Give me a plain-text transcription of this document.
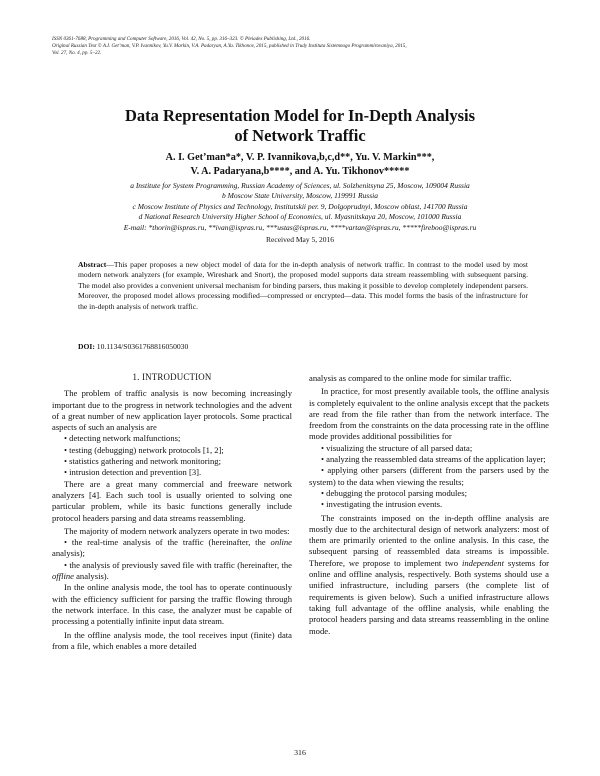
ISSN 0361-7688, Programming and Computer Software, 2016, Vol. 42, No. 5, pp. 316–323. © Pleiades Publishing, Ltd., 2016.
Original Russian Text © A.I. Get’man, V.P. Ivannikov, Yu.V. Markin, V.A. Padaryan, A.Yu. Tikhonov, 2015, published in Trudy Instituta Sistemnogo Programmirovaniya, 2015,
Vol. 27, No. 4, pp. 5–22.
Data Representation Model for In-Depth Analysis
of Network Traffic
A. I. Get’man*a*, V. P. Ivannikova,b,c,d**, Yu. V. Markin***,
V. A. Padaryana,b****, and A. Yu. Tikhonov*****
a Institute for System Programming, Russian Academy of Sciences, ul. Solzhenitsyna 25, Moscow, 109004 Russia
b Moscow State University, Moscow, 119991 Russia
c Moscow Institute of Physics and Technology, Institutskii per. 9, Dolgoprudnyi, Moscow oblast, 141700 Russia
d National Research University Higher School of Economics, ul. Myasnitskaya 20, Moscow, 101000 Russia
E-mail: *thorin@ispras.ru, **ivan@ispras.ru, ***ustas@ispras.ru, ****vartan@ispras.ru, *****fireboo@ispras.ru
Received May 5, 2016
Abstract—This paper proposes a new object model of data for the in-depth analysis of network traffic. In contrast to the model used by most modern network analyzers (for example, Wireshark and Snort), the proposed model supports data stream reassembling with subsequent parsing. The model also provides a convenient universal mechanism for binding parsers, thus making it possible to develop completely independent parsers. Moreover, the proposed model allows processing modified—compressed or encrypted—data. This model forms the basis of the infrastructure for the in-depth analysis of network traffic.
DOI: 10.1134/S0361768816050030
1. INTRODUCTION

The problem of traffic analysis is now becoming increasingly important due to the progress in network technologies and the advent of a great number of new application layer protocols. Some practical aspects of such an analysis are

• detecting network malfunctions;

• testing (debugging) network protocols [1, 2];

• statistics gathering and network monitoring;

• intrusion detection and prevention [3].

There are a great many commercial and freeware network analyzers [4]. Each such tool is usually oriented to solving one particular problem, while its basic functions generally include protocol headers parsing and data streams reassembling.

The majority of modern network analyzers operate in two modes:

• the real-time analysis of the traffic (hereinafter, the online analysis);

• the analysis of previously saved file with traffic (hereinafter, the offline analysis).

In the online analysis mode, the tool has to operate continuously with the efficiency sufficient for parsing the traffic flowing through the network interface. In this case, the analyzer must be capable of processing a potentially infinite input data stream.

In the offline analysis mode, the tool receives input (finite) data from a file, which enables a more detailed

analysis as compared to the online mode for similar traffic.

In practice, for most presently available tools, the offline analysis is completely equivalent to the online analysis except that the packets are read from the file rather than from the network interface. The freedom from the constraints on the data processing rate in the offline mode provides additional possibilities for

• visualizing the structure of all parsed data;

• analyzing the reassembled data streams of the application layer;

• applying other parsers (different from the parsers used by the system) to the data when viewing the results;

• debugging the protocol parsing modules;

• investigating the intrusion events.

The constraints imposed on the in-depth offline analysis are mostly due to the architectural design of network analyzers: most of them are primarily oriented to the online analysis. In this case, the subsequent parsing of reassembled data streams is impossible. Therefore, we propose to implement two independent systems for online and offline analysis, respectively. Both systems should use a unified infrastructure, including parsers (the complete list of requirements is given below). Such a unified infrastructure allows taking full advantage of the offline analysis, while enabling the protocol headers parsing and data streams reassembling in the online mode.

316
